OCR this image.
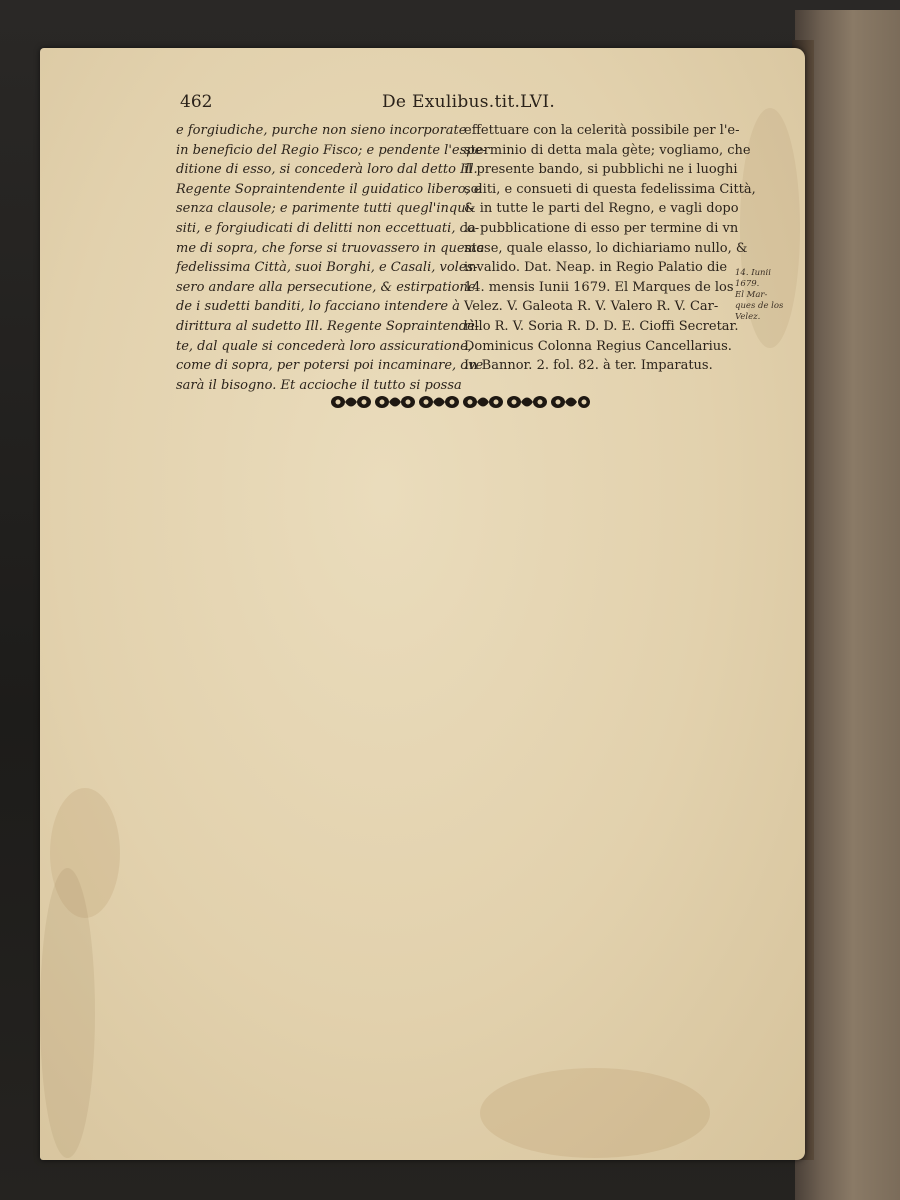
462	De Exulibus.tit.LVI.
e forgiudiche, purche non sieno incorporate
in beneficio del Regio Fisco; e pendente l'espe-
ditione di esso, si concederà loro dal detto Ill.
Regente Sopraintendente il guidatico libero, e
senza clausole; e parimente tutti quegl'inqui-
siti, e forgiudicati di delitti non eccettuati, co-
me di sopra, che forse si truovassero in questa
fedelissima Città, suoi Borghi, e Casali, voles-
sero andare alla persecutione, & estirpatione
de i sudetti banditi, lo facciano intendere à
dirittura al sudetto Ill. Regente Sopraintendè-
te, dal quale si concederà loro assicuratione,
come di sopra, per potersi poi incaminare, ove
sarà il bisogno. Et accioche il tutto si possa
effettuare con la celerità possibile per l'e-
sterminio di detta mala gète; vogliamo, che
il presente bando, si pubblichi ne i luoghi
soliti, e consueti di questa fedelissima Città,
& in tutte le parti del Regno, e vagli dopo
la pubblicatione di esso per termine di vn
mese, quale elasso, lo dichiariamo nullo, &
invalido. Dat. Neap. in Regio Palatio die
14. mensis Iunii 1679. El Marques de los
Velez. V. Galeota R. V. Valero R. V. Car-
rillo R. V. Soria R. D. D. E. Cioffi Secretar.
Dominicus Colonna Regius Cancellarius.
In Bannor. 2. fol. 82. à ter. Imparatus.
14. Iunii
1679.
El Mar-
ques de los
Velez.
